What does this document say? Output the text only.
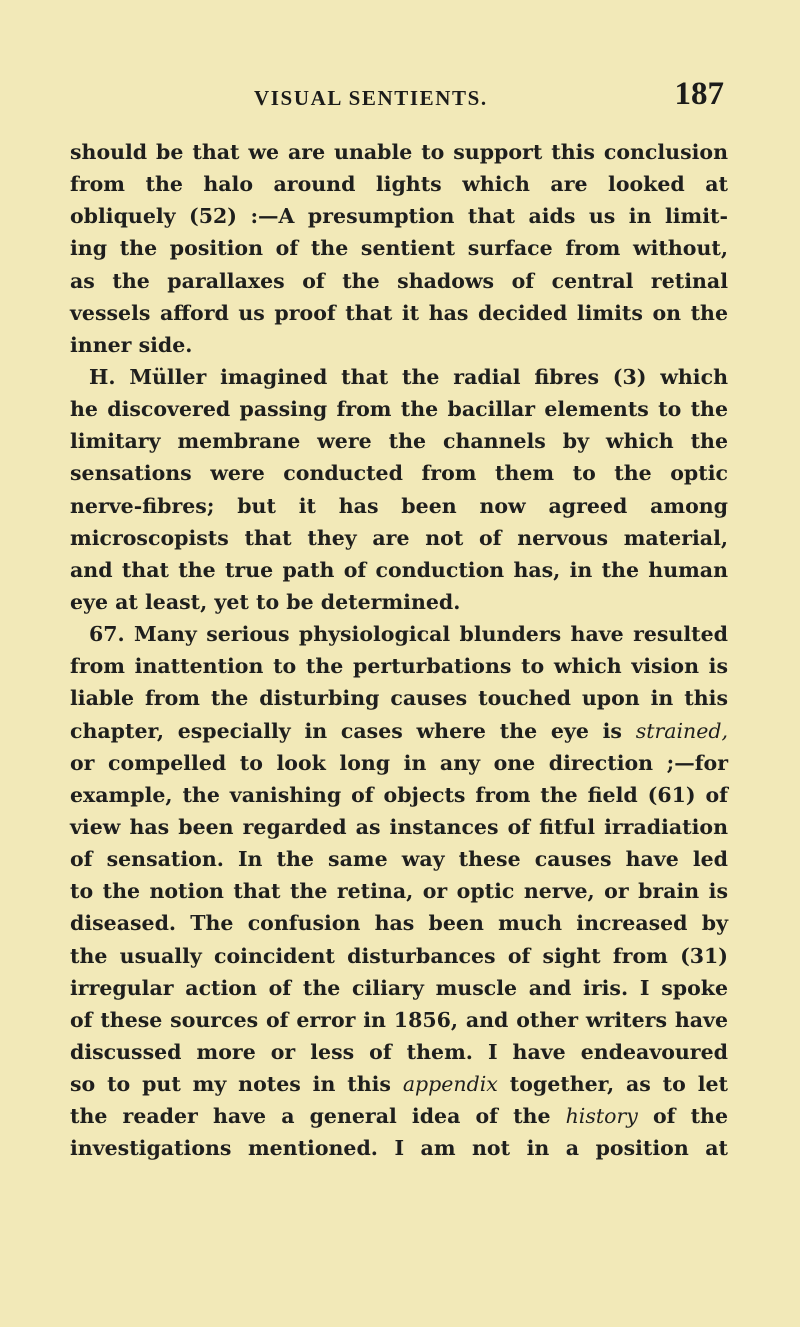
VISUAL SENTIENTS.	187
should be that we are unable to support this conclusion
from the halo around lights which are looked at
obliquely (52) :—A presumption that aids us in limit-
ing the position of the sentient surface from without,
as the parallaxes of the shadows of central retinal
vessels afford us proof that it has decided limits on the
inner side.
H. Müller imagined that the radial fibres (3) which
he discovered passing from the bacillar elements to the
limitary membrane were the channels by which the
sensations were conducted from them to the optic
nerve-fibres; but it has been now agreed among
microscopists that they are not of nervous material,
and that the true path of conduction has, in the human
eye at least, yet to be determined.
67. Many serious physiological blunders have resulted
from inattention to the perturbations to which vision is
liable from the disturbing causes touched upon in this
chapter, especially in cases where the eye is strained,
or compelled to look long in any one direction ;—for
example, the vanishing of objects from the field (61) of
view has been regarded as instances of fitful irradiation
of sensation. In the same way these causes have led
to the notion that the retina, or optic nerve, or brain is
diseased. The confusion has been much increased by
the usually coincident disturbances of sight from (31)
irregular action of the ciliary muscle and iris. I spoke
of these sources of error in 1856, and other writers have
discussed more or less of them. I have endeavoured
so to put my notes in this appendix together, as to let
the reader have a general idea of the history of the
investigations mentioned. I am not in a position at
